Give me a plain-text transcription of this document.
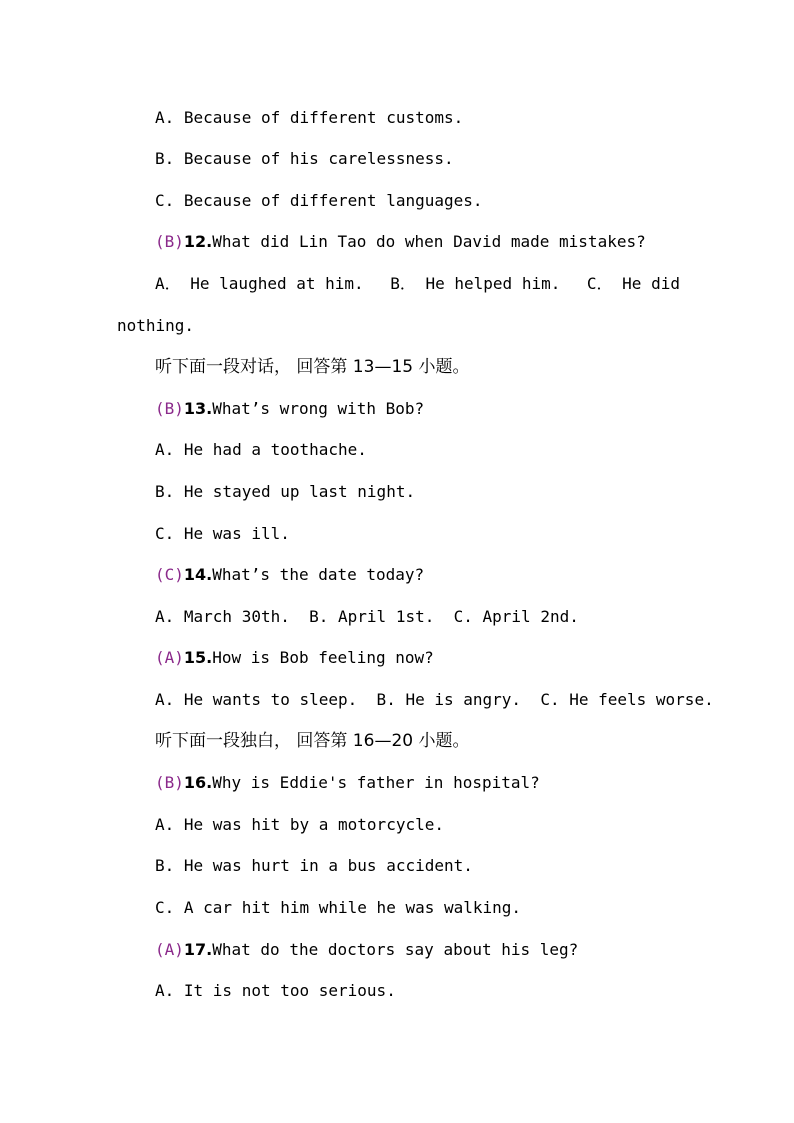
A. Because of different customs.
B. Because of his carelessness.
C. Because of different languages.
(B)12.What did Lin Tao do when David made mistakes?
A． He laughed at him. B． He helped him. C． He did
nothing.
听下面一段对话， 回答第 13—15 小题。
(B)13.What’s wrong with Bob?
A. He had a toothache.
B. He stayed up last night.
C. He was ill.
(C)14.What’s the date today?
A. March 30th.  B. April 1st.  C. April 2nd.
(A)15.How is Bob feeling now?
A. He wants to sleep.  B. He is angry.  C. He feels worse.
听下面一段独白， 回答第 16—20 小题。
(B)16.Why is Eddie's father in hospital?
A. He was hit by a motorcycle.
B. He was hurt in a bus accident.
C. A car hit him while he was walking.
(A)17.What do the doctors say about his leg?
A. It is not too serious.
